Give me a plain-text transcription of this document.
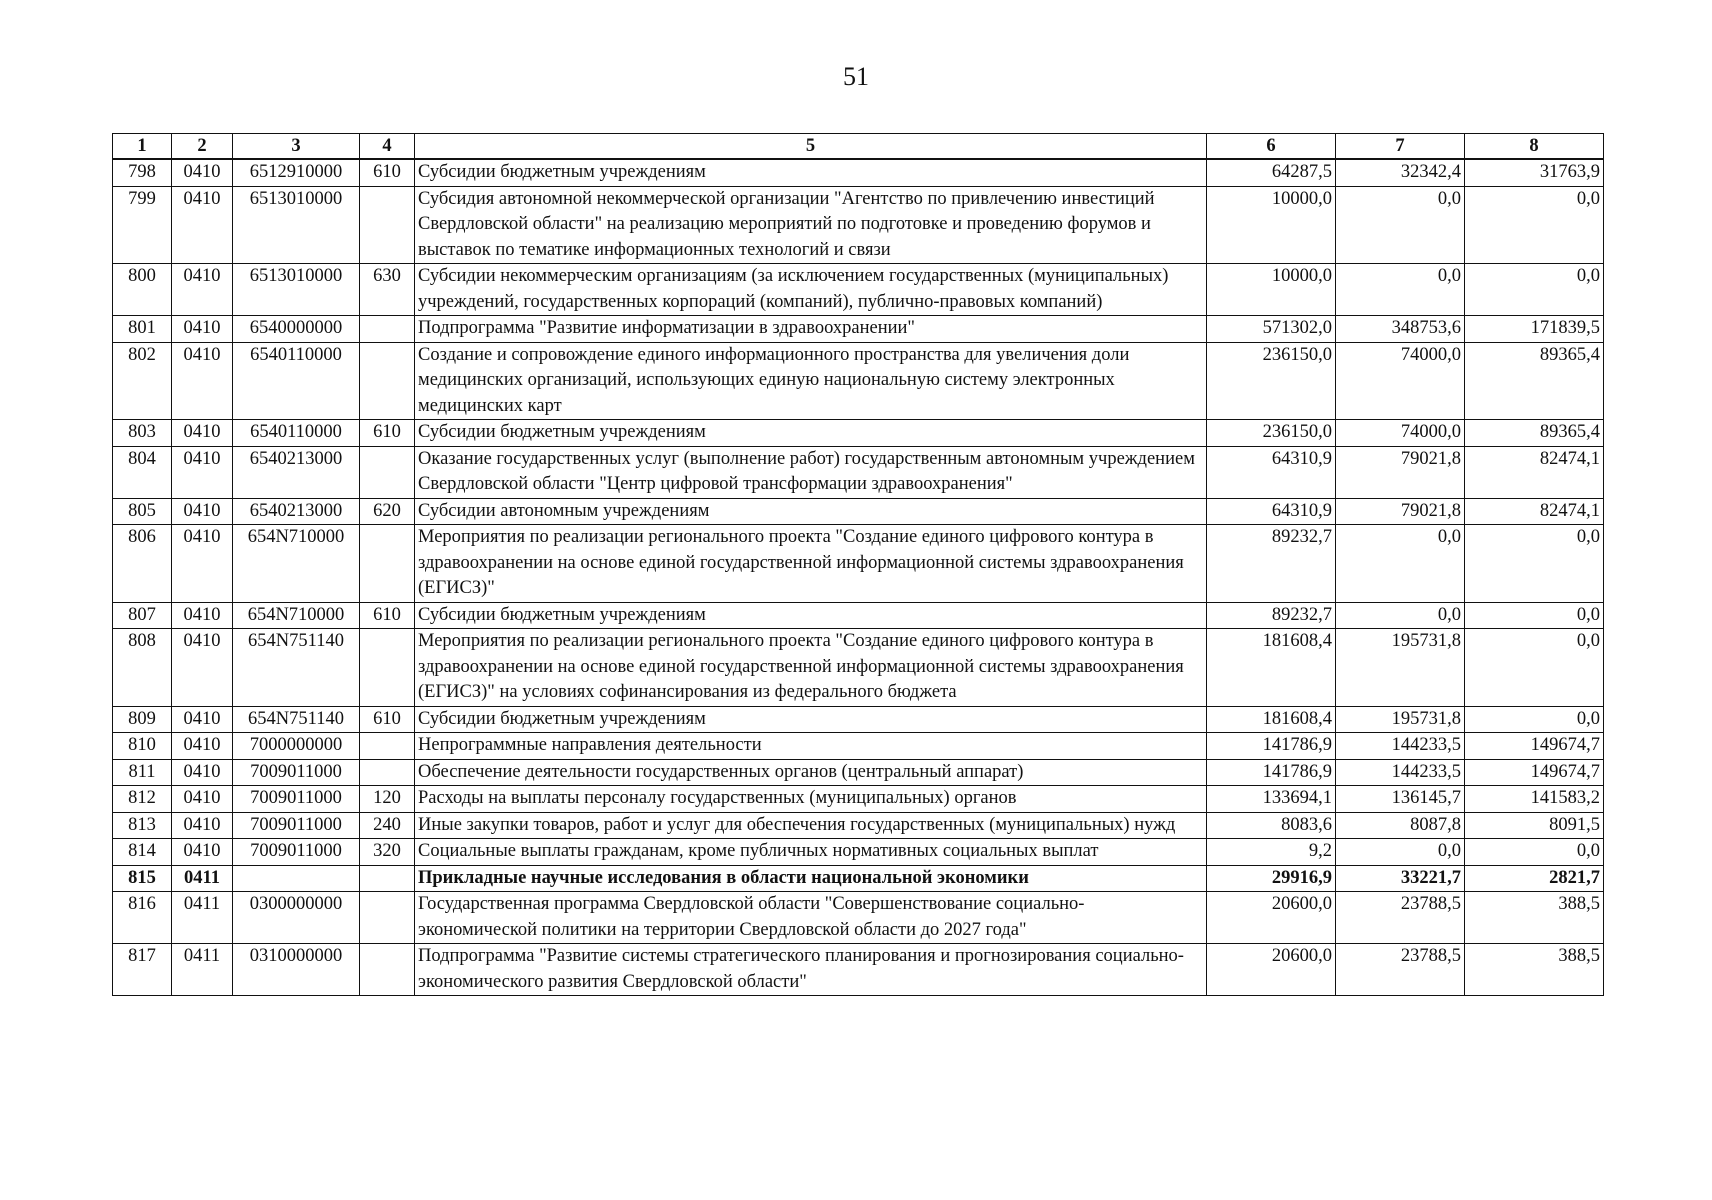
51
1	2	3	4	5	6	7	8
798	0410	6512910000	610	Субсидии бюджетным учреждениям	64287,5	32342,4	31763,9
799	0410	6513010000		Субсидия автономной некоммерческой организации "Агентство по привлечению инвестиций Свердловской области" на реализацию мероприятий по подготовке и проведению форумов и выставок по тематике информационных технологий и связи	10000,0	0,0	0,0
800	0410	6513010000	630	Субсидии некоммерческим организациям (за исключением государственных (муниципальных) учреждений, государственных корпораций (компаний), публично-правовых компаний)	10000,0	0,0	0,0
801	0410	6540000000		Подпрограмма "Развитие информатизации в здравоохранении"	571302,0	348753,6	171839,5
802	0410	6540110000		Создание и сопровождение единого информационного пространства для увеличения доли медицинских организаций, использующих единую национальную систему электронных медицинских карт	236150,0	74000,0	89365,4
803	0410	6540110000	610	Субсидии бюджетным учреждениям	236150,0	74000,0	89365,4
804	0410	6540213000		Оказание государственных услуг (выполнение работ) государственным автономным учреждением Свердловской области "Центр цифровой трансформации здравоохранения"	64310,9	79021,8	82474,1
805	0410	6540213000	620	Субсидии автономным учреждениям	64310,9	79021,8	82474,1
806	0410	654N710000		Мероприятия по реализации регионального проекта "Создание единого цифрового контура в здравоохранении на основе единой государственной информационной системы здравоохранения (ЕГИСЗ)"	89232,7	0,0	0,0
807	0410	654N710000	610	Субсидии бюджетным учреждениям	89232,7	0,0	0,0
808	0410	654N751140		Мероприятия по реализации регионального проекта "Создание единого цифрового контура в здравоохранении на основе единой государственной информационной системы здравоохранения (ЕГИСЗ)" на условиях софинансирования из федерального бюджета	181608,4	195731,8	0,0
809	0410	654N751140	610	Субсидии бюджетным учреждениям	181608,4	195731,8	0,0
810	0410	7000000000		Непрограммные направления деятельности	141786,9	144233,5	149674,7
811	0410	7009011000		Обеспечение деятельности государственных органов (центральный аппарат)	141786,9	144233,5	149674,7
812	0410	7009011000	120	Расходы на выплаты персоналу государственных (муниципальных) органов	133694,1	136145,7	141583,2
813	0410	7009011000	240	Иные закупки товаров, работ и услуг для обеспечения государственных (муниципальных) нужд	8083,6	8087,8	8091,5
814	0410	7009011000	320	Социальные выплаты гражданам, кроме публичных нормативных социальных выплат	9,2	0,0	0,0
815	0411			Прикладные научные исследования в области национальной экономики	29916,9	33221,7	2821,7
816	0411	0300000000		Государственная программа Свердловской области "Совершенствование социально-экономической политики на территории Свердловской области до 2027 года"	20600,0	23788,5	388,5
817	0411	0310000000		Подпрограмма "Развитие системы стратегического планирования и прогнозирования социально-экономического развития Свердловской области"	20600,0	23788,5	388,5
